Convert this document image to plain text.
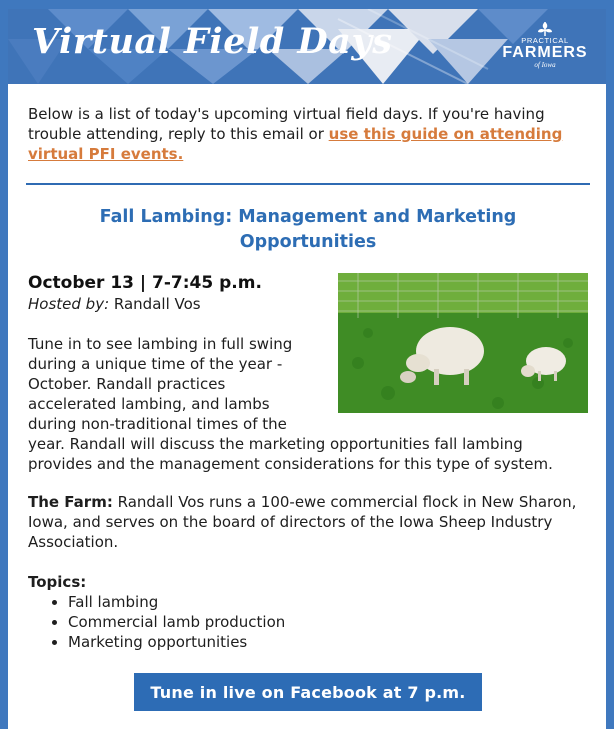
Virtual Field Days	PRACTICAL
FARMERS
of Iowa
Below is a list of today's upcoming virtual field days. If you're having trouble attending, reply to this email or use this guide on attending virtual PFI events.
Fall Lambing: Management and Marketing Opportunities
October 13 | 7-7:45 p.m.
Hosted by: Randall Vos
Tune in to see lambing in full swing during a unique time of the year - October. Randall practices accelerated lambing, and lambs during non-traditional times of the
year. Randall will discuss the marketing opportunities fall lambing provides and the management considerations for this type of system.
The Farm: Randall Vos runs a 100-ewe commercial flock in New Sharon, Iowa, and serves on the board of directors of the Iowa Sheep Industry Association.
Topics:
• Fall lambing
• Commercial lamb production
• Marketing opportunities
Tune in live on Facebook at 7 p.m.
